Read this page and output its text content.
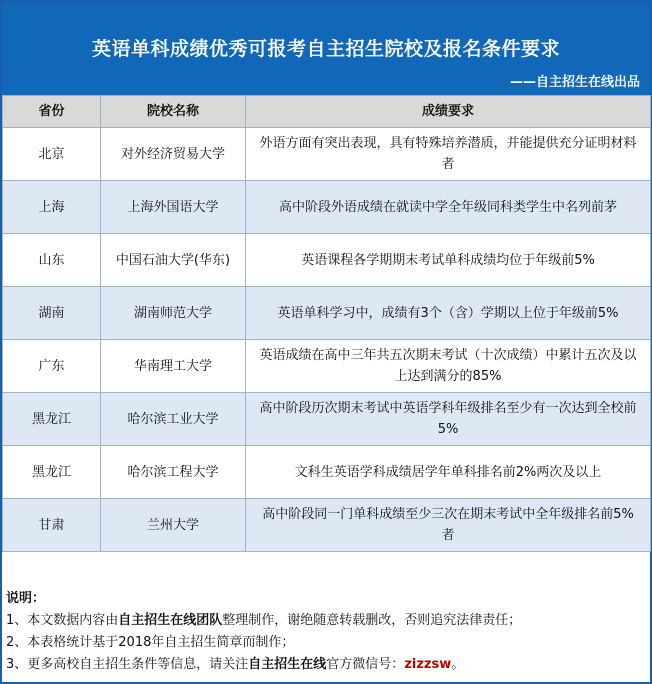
英语单科成绩优秀可报考自主招生院校及报名条件要求
——自主招生在线出品
省份	院校名称	成绩要求
北京	对外经济贸易大学	外语方面有突出表现，具有特殊培养潜质，并能提供充分证明材料者
上海	上海外国语大学	高中阶段外语成绩在就读中学全年级同科类学生中名列前茅
山东	中国石油大学(华东)	英语课程各学期期末考试单科成绩均位于年级前5%
湖南	湖南师范大学	英语单科学习中，成绩有3个（含）学期以上位于年级前5%
广东	华南理工大学	英语成绩在高中三年共五次期末考试（十次成绩）中累计五次及以上达到满分的85%
黑龙江	哈尔滨工业大学	高中阶段历次期末考试中英语学科年级排名至少有一次达到全校前5%
黑龙江	哈尔滨工程大学	文科生英语学科成绩居学年单科排名前2%两次及以上
甘肃	兰州大学	高中阶段同一门单科成绩至少三次在期末考试中全年级排名前5%者
说明：
1、本文数据内容由自主招生在线团队整理制作，谢绝随意转载删改，否则追究法律责任；
2、本表格统计基于2018年自主招生简章而制作；
3、更多高校自主招生条件等信息，请关注自主招生在线官方微信号：zizzsw。
